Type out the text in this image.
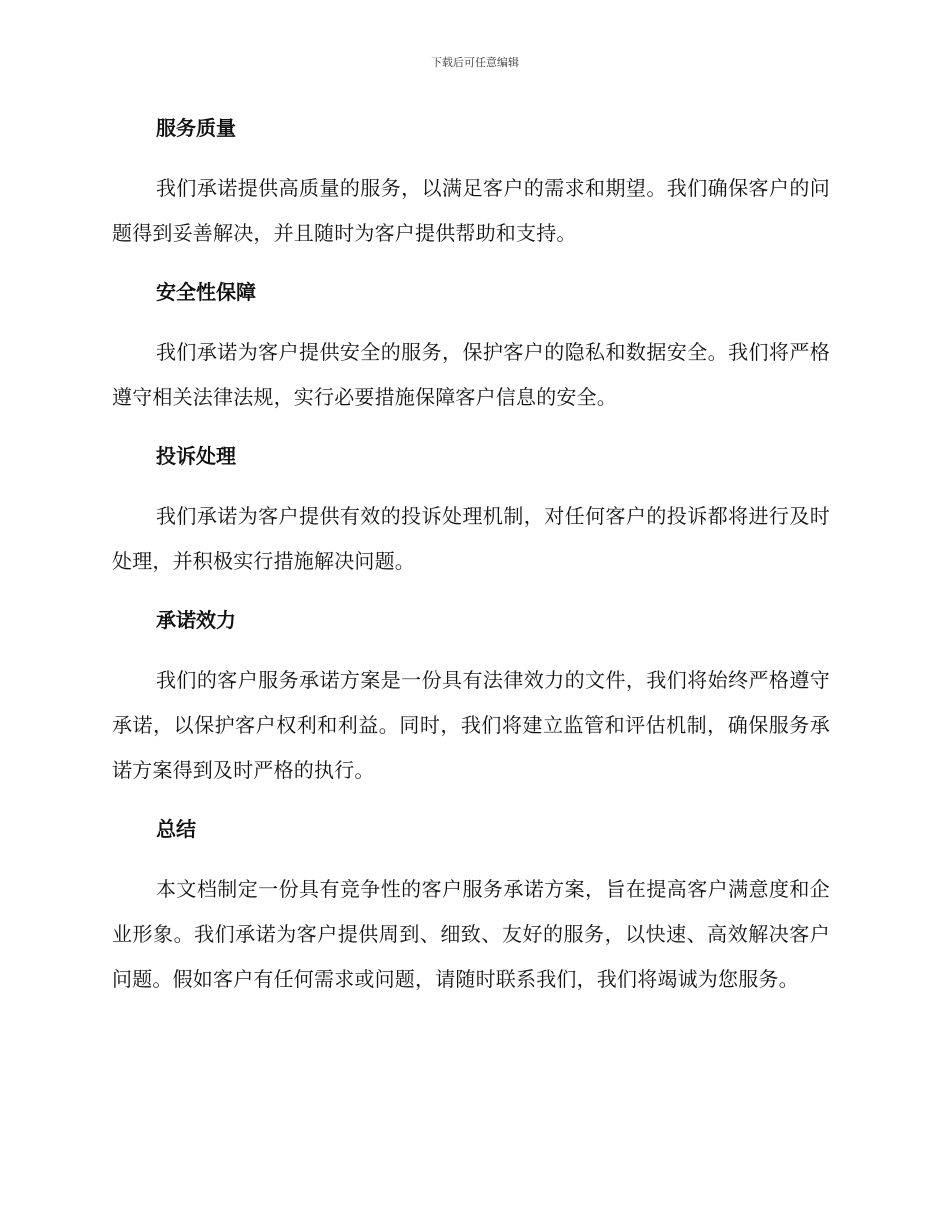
下载后可任意编辑
服务质量

我们承诺提供高质量的服务，以满足客户的需求和期望。我们确保客户的问题得到妥善解决，并且随时为客户提供帮助和支持。

安全性保障

我们承诺为客户提供安全的服务，保护客户的隐私和数据安全。我们将严格遵守相关法律法规，实行必要措施保障客户信息的安全。

投诉处理

我们承诺为客户提供有效的投诉处理机制，对任何客户的投诉都将进行及时处理，并积极实行措施解决问题。

承诺效力

我们的客户服务承诺方案是一份具有法律效力的文件，我们将始终严格遵守承诺，以保护客户权利和利益。同时，我们将建立监管和评估机制，确保服务承诺方案得到及时严格的执行。

总结

本文档制定一份具有竞争性的客户服务承诺方案，旨在提高客户满意度和企业形象。我们承诺为客户提供周到、细致、友好的服务，以快速、高效解决客户问题。假如客户有任何需求或问题，请随时联系我们，我们将竭诚为您服务。
